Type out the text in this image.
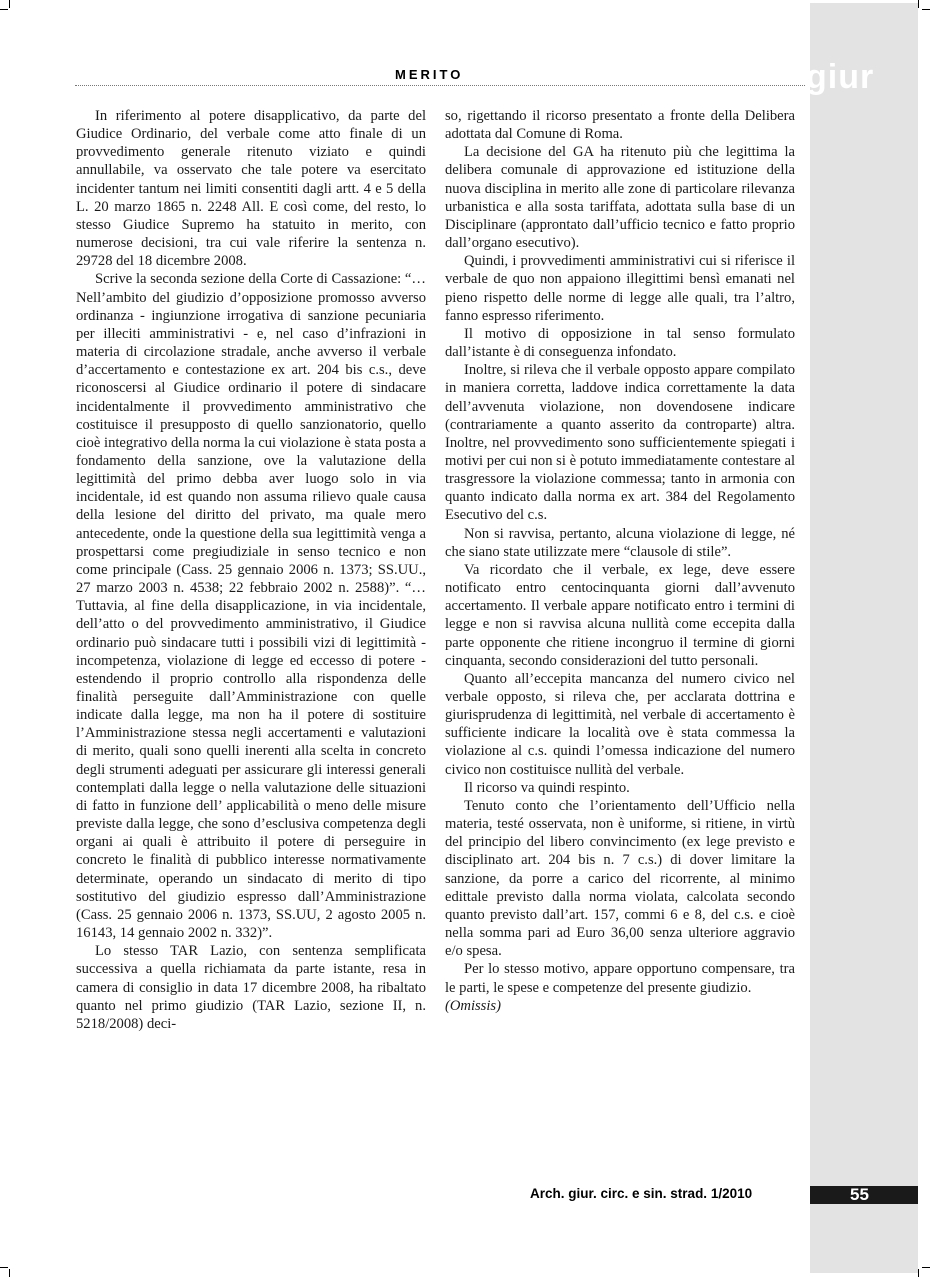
giur
MERITO

In riferimento al potere disapplicativo, da parte del Giudice Ordinario, del verbale come atto finale di un provvedimento generale ritenuto viziato e quindi annullabile, va osservato che tale potere va esercitato incidenter tantum nei limiti consentiti dagli artt. 4 e 5 della L. 20 marzo 1865 n. 2248 All. E così come, del resto, lo stesso Giudice Supremo ha statuito in merito, con numerose decisioni, tra cui vale riferire la sentenza n. 29728 del 18 dicembre 2008.

Scrive la seconda sezione della Corte di Cassazione: “… Nell’ambito del giudizio d’opposizione promosso avverso ordinanza - ingiunzione irrogativa di sanzione pecuniaria per illeciti amministrativi - e, nel caso d’infrazioni in materia di circolazione stradale, anche avverso il verbale d’accertamento e contestazione ex art. 204 bis c.s., deve riconoscersi al Giudice ordinario il potere di sindacare incidentalmente il provvedimento amministrativo che costituisce il presupposto di quello sanzionatorio, quello cioè integrativo della norma la cui violazione è stata posta a fondamento della sanzione, ove la valutazione della legittimità del primo debba aver luogo solo in via incidentale, id est quando non assuma rilievo quale causa della lesione del diritto del privato, ma quale mero antecedente, onde la questione della sua legittimità venga a prospettarsi come pregiudiziale in senso tecnico e non come principale (Cass. 25 gennaio 2006 n. 1373; SS.UU., 27 marzo 2003 n. 4538; 22 febbraio 2002 n. 2588)”. “… Tuttavia, al fine della disapplicazione, in via incidentale, dell’atto o del provvedimento amministrativo, il Giudice ordinario può sindacare tutti i possibili vizi di legittimità - incompetenza, violazione di legge ed eccesso di potere - estendendo il proprio controllo alla rispondenza delle finalità perseguite dall’Amministrazione con quelle indicate dalla legge, ma non ha il potere di sostituire l’Amministrazione stessa negli accertamenti e valutazioni di merito, quali sono quelli inerenti alla scelta in concreto degli strumenti adeguati per assicurare gli interessi generali contemplati dalla legge o nella valutazione delle situazioni di fatto in funzione dell’ applicabilità o meno delle misure previste dalla legge, che sono d’esclusiva competenza degli organi ai quali è attribuito il potere di perseguire in concreto le finalità di pubblico interesse normativamente determinate, operando un sindacato di merito di tipo sostitutivo del giudizio espresso dall’Amministrazione (Cass. 25 gennaio 2006 n. 1373, SS.UU, 2 agosto 2005 n. 16143, 14 gennaio 2002 n. 332)”.

Lo stesso TAR Lazio, con sentenza semplificata successiva a quella richiamata da parte istante, resa in camera di consiglio in data 17 dicembre 2008, ha ribaltato quanto nel primo giudizio (TAR Lazio, sezione II, n. 5218/2008) deci-

so, rigettando il ricorso presentato a fronte della Delibera adottata dal Comune di Roma.

La decisione del GA ha ritenuto più che legittima la delibera comunale di approvazione ed istituzione della nuova disciplina in merito alle zone di particolare rilevanza urbanistica e alla sosta tariffata, adottata sulla base di un Disciplinare (approntato dall’ufficio tecnico e fatto proprio dall’organo esecutivo).

Quindi, i provvedimenti amministrativi cui si riferisce il verbale de quo non appaiono illegittimi bensì emanati nel pieno rispetto delle norme di legge alle quali, tra l’altro, fanno espresso riferimento.

Il motivo di opposizione in tal senso formulato dall’istante è di conseguenza infondato.

Inoltre, si rileva che il verbale opposto appare compilato in maniera corretta, laddove indica correttamente la data dell’avvenuta violazione, non dovendosene indicare (contrariamente a quanto asserito da controparte) altra. Inoltre, nel provvedimento sono sufficientemente spiegati i motivi per cui non si è potuto immediatamente contestare al trasgressore la violazione commessa; tanto in armonia con quanto indicato dalla norma ex art. 384 del Regolamento Esecutivo del c.s.

Non si ravvisa, pertanto, alcuna violazione di legge, né che siano state utilizzate mere “clausole di stile”.

Va ricordato che il verbale, ex lege, deve essere notificato entro centocinquanta giorni dall’avvenuto accertamento. Il verbale appare notificato entro i termini di legge e non si ravvisa alcuna nullità come eccepita dalla parte opponente che ritiene incongruo il termine di giorni cinquanta, secondo considerazioni del tutto personali.

Quanto all’eccepita mancanza del numero civico nel verbale opposto, si rileva che, per acclarata dottrina e giurisprudenza di legittimità, nel verbale di accertamento è sufficiente indicare la località ove è stata commessa la violazione al c.s. quindi l’omessa indicazione del numero civico non costituisce nullità del verbale.

Il ricorso va quindi respinto.

Tenuto conto che l’orientamento dell’Ufficio nella materia, testé osservata, non è uniforme, si ritiene, in virtù del principio del libero convincimento (ex lege previsto e disciplinato art. 204 bis n. 7 c.s.) di dover limitare la sanzione, da porre a carico del ricorrente, al minimo edittale previsto dalla norma violata, calcolata secondo quanto previsto dall’art. 157, commi 6 e 8, del c.s. e cioè nella somma pari ad Euro 36,00 senza ulteriore aggravio e/o spesa.

Per lo stesso motivo, appare opportuno compensare, tra le parti, le spese e competenze del presente giudizio.
(Omissis)

Arch. giur. circ. e sin. strad. 1/2010	55
